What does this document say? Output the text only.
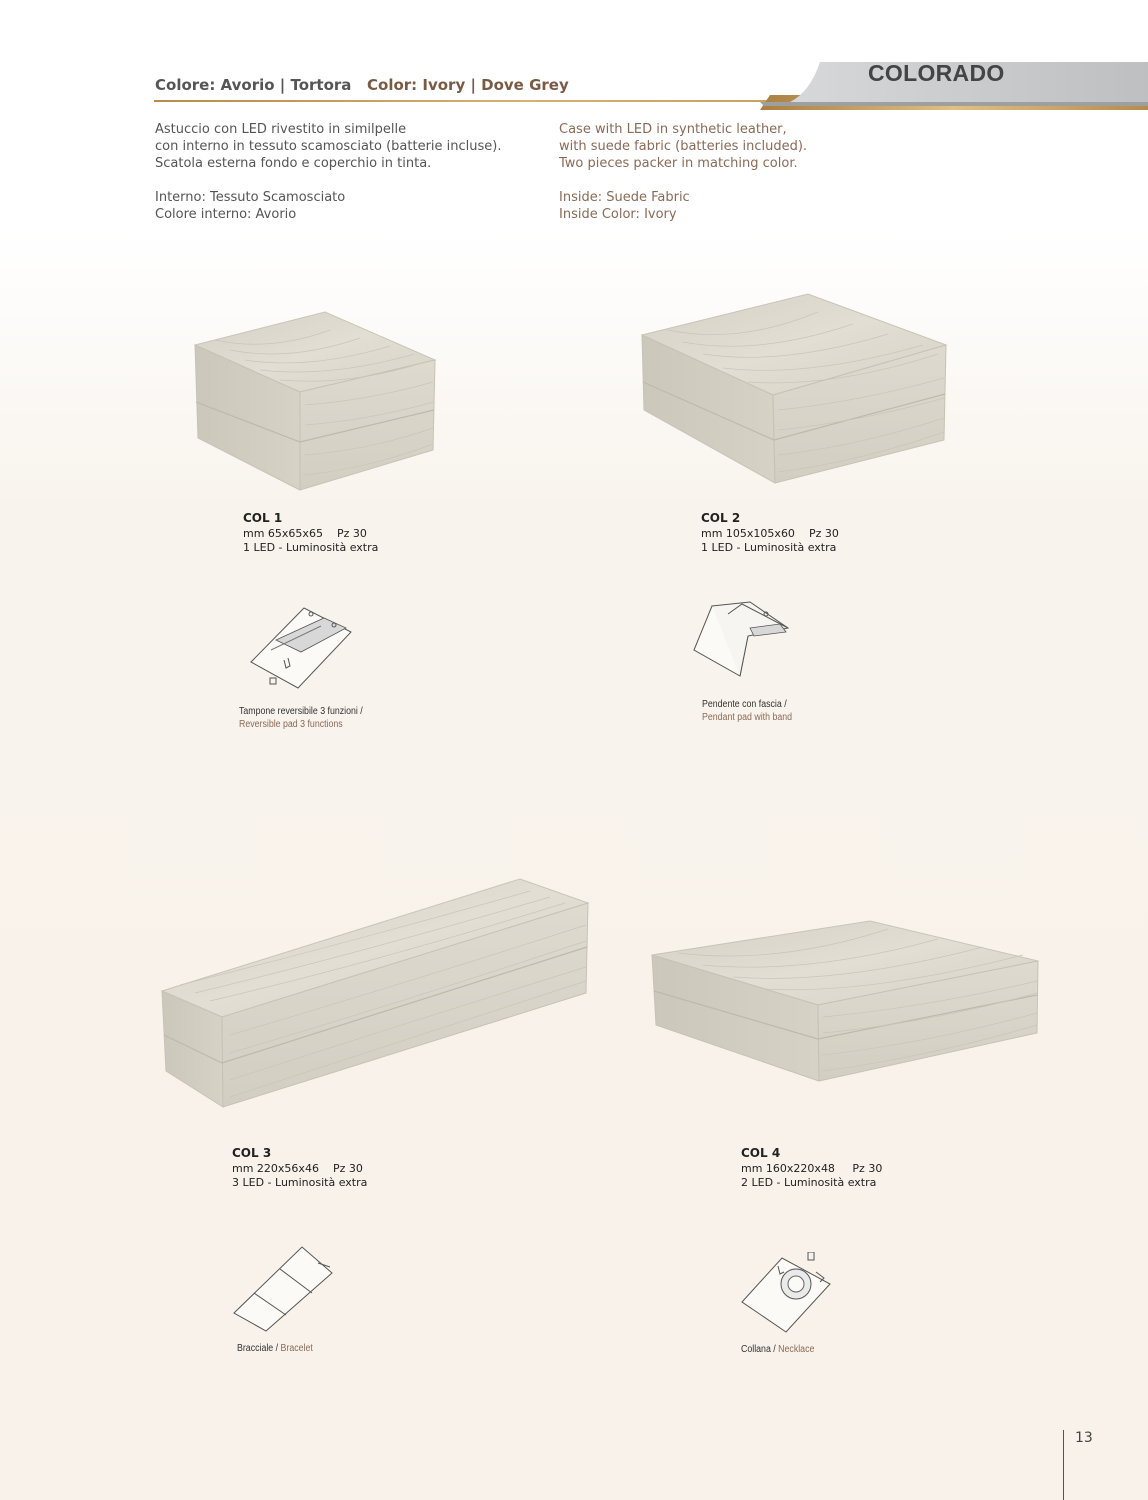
Colore: Avorio | Tortora Color: Ivory | Dove Grey	COLORADO

Astuccio con LED rivestito in similpelle

con interno in tessuto scamosciato (batterie incluse).

Scatola esterna fondo e coperchio in tinta.

Interno: Tessuto Scamosciato

Colore interno: Avorio

Case with LED in synthetic leather,

with suede fabric (batteries included).

Two pieces packer in matching color.

Inside: Suede Fabric

Inside Color: Ivory

COL 1
mm 65x65x65 Pz 30
1 LED - Luminosità extra
COL 2
mm 105x105x60 Pz 30
1 LED - Luminosità extra
Tampone reversibile 3 funzioni /
Reversible pad 3 functions
Pendente con fascia /
Pendant pad with band
COL 3
mm 220x56x46 Pz 30
3 LED - Luminosità extra
COL 4
mm 160x220x48 Pz 30
2 LED - Luminosità extra
Bracciale / Bracelet	Collana / Necklace
13
